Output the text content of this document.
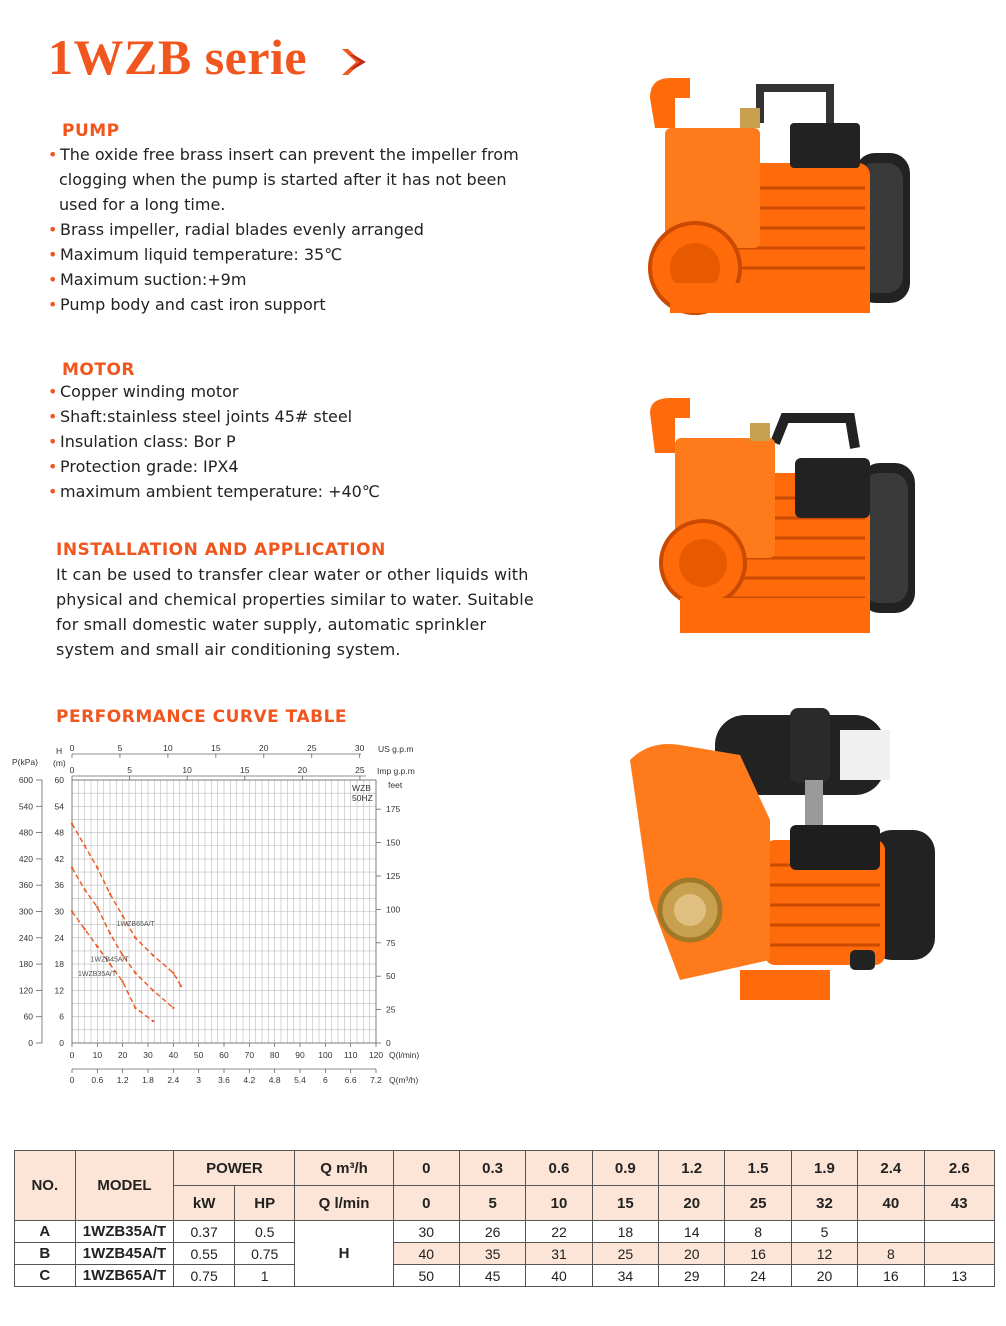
1WZB serie
PUMP
• The oxide free brass insert can prevent the impeller from
clogging when the pump is started after it has not been
used for a long time.
• Brass impeller, radial blades evenly arranged
• Maximum liquid temperature: 35℃
• Maximum suction:+9m
• Pump body and cast iron support
MOTOR
• Copper winding motor
• Shaft:stainless steel joints 45# steel
• Insulation class: Bor P
• Protection grade: IPX4
• maximum ambient temperature: +40℃
INSTALLATION AND APPLICATION
It can be used to transfer clear water or other liquids with
physical and chemical properties similar to water. Suitable
for small domestic water supply, automatic sprinkler
system and small air conditioning system.
PERFORMANCE CURVE TABLE
0
6
12
18
24
30
36
42
48
54
60
0
60
120
180
240
300
360
420
480
540
600
P(kPa)
H
(m)
0
25
50
75
100
125
150
175
feet
0	5	10	15	20	25	30 US g.p.m
0	5	10	15	20	25 Imp g.p.m
0 10 20 30 40 50 60 70 80 90 100 110 120 Q(l/min)
0 0.6 1.2 1.8 2.4 3 3.6 4.2 4.8 5.4 6 6.6 7.2 Q(m³/h)
WZB
50HZ
1WZB35A/T
1WZB45A/T
1WZB65A/T
NO.	MODEL	POWER		Q m³/h	0	0.3	0.6	0.9	1.2	1.5	1.9	2.4	2.6
		kW	HP	Q l/min	0	5	10	15	20	25	32	40	43
A	1WZB35A/T	0.37	0.5	H	30	26	22	18	14	8	5		
B	1WZB45A/T	0.55	0.75		40	35	31	25	20	16	12	8	
C	1WZB65A/T	0.75	1		50	45	40	34	29	24	20	16	13
